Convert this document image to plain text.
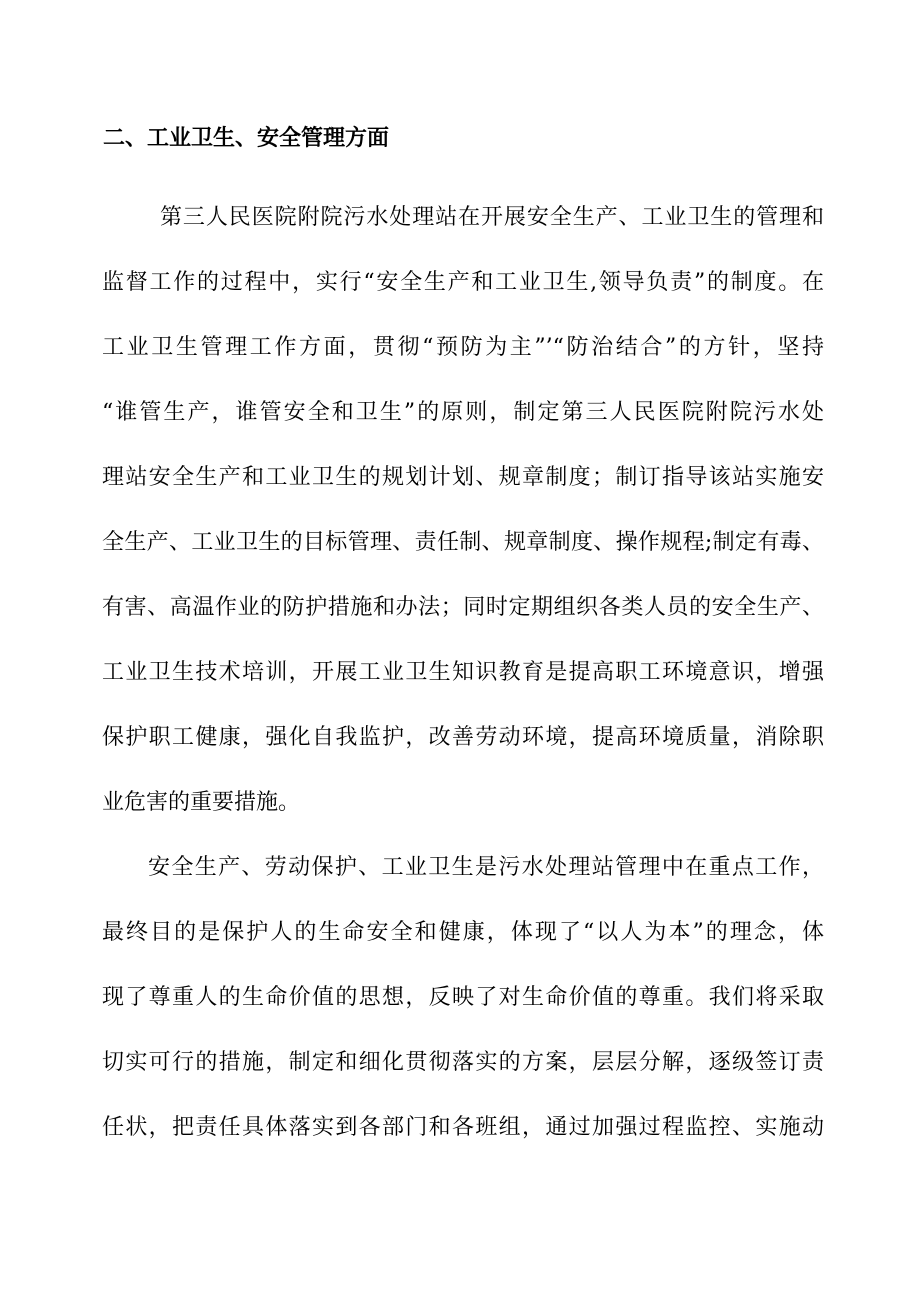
二、工业卫生、安全管理方面
第三人民医院附院污水处理站在开展安全生产、工业卫生的管理和
监督工作的过程中，实行“安全生产和工业卫生,领导负责”的制度。在
工业卫生管理工作方面，贯彻“预防为主”’“防治结合”的方针，坚持
“谁管生产，谁管安全和卫生”的原则，制定第三人民医院附院污水处
理站安全生产和工业卫生的规划计划、规章制度；制订指导该站实施安
全生产、工业卫生的目标管理、责任制、规章制度、操作规程;制定有毒、
有害、高温作业的防护措施和办法；同时定期组织各类人员的安全生产、
工业卫生技术培训，开展工业卫生知识教育是提高职工环境意识，增强
保护职工健康，强化自我监护，改善劳动环境，提高环境质量，消除职
业危害的重要措施。
安全生产、劳动保护、工业卫生是污水处理站管理中在重点工作，
最终目的是保护人的生命安全和健康，体现了“以人为本”的理念，体
现了尊重人的生命价值的思想，反映了对生命价值的尊重。我们将采取
切实可行的措施，制定和细化贯彻落实的方案，层层分解，逐级签订责
任状，把责任具体落实到各部门和各班组，通过加强过程监控、实施动
